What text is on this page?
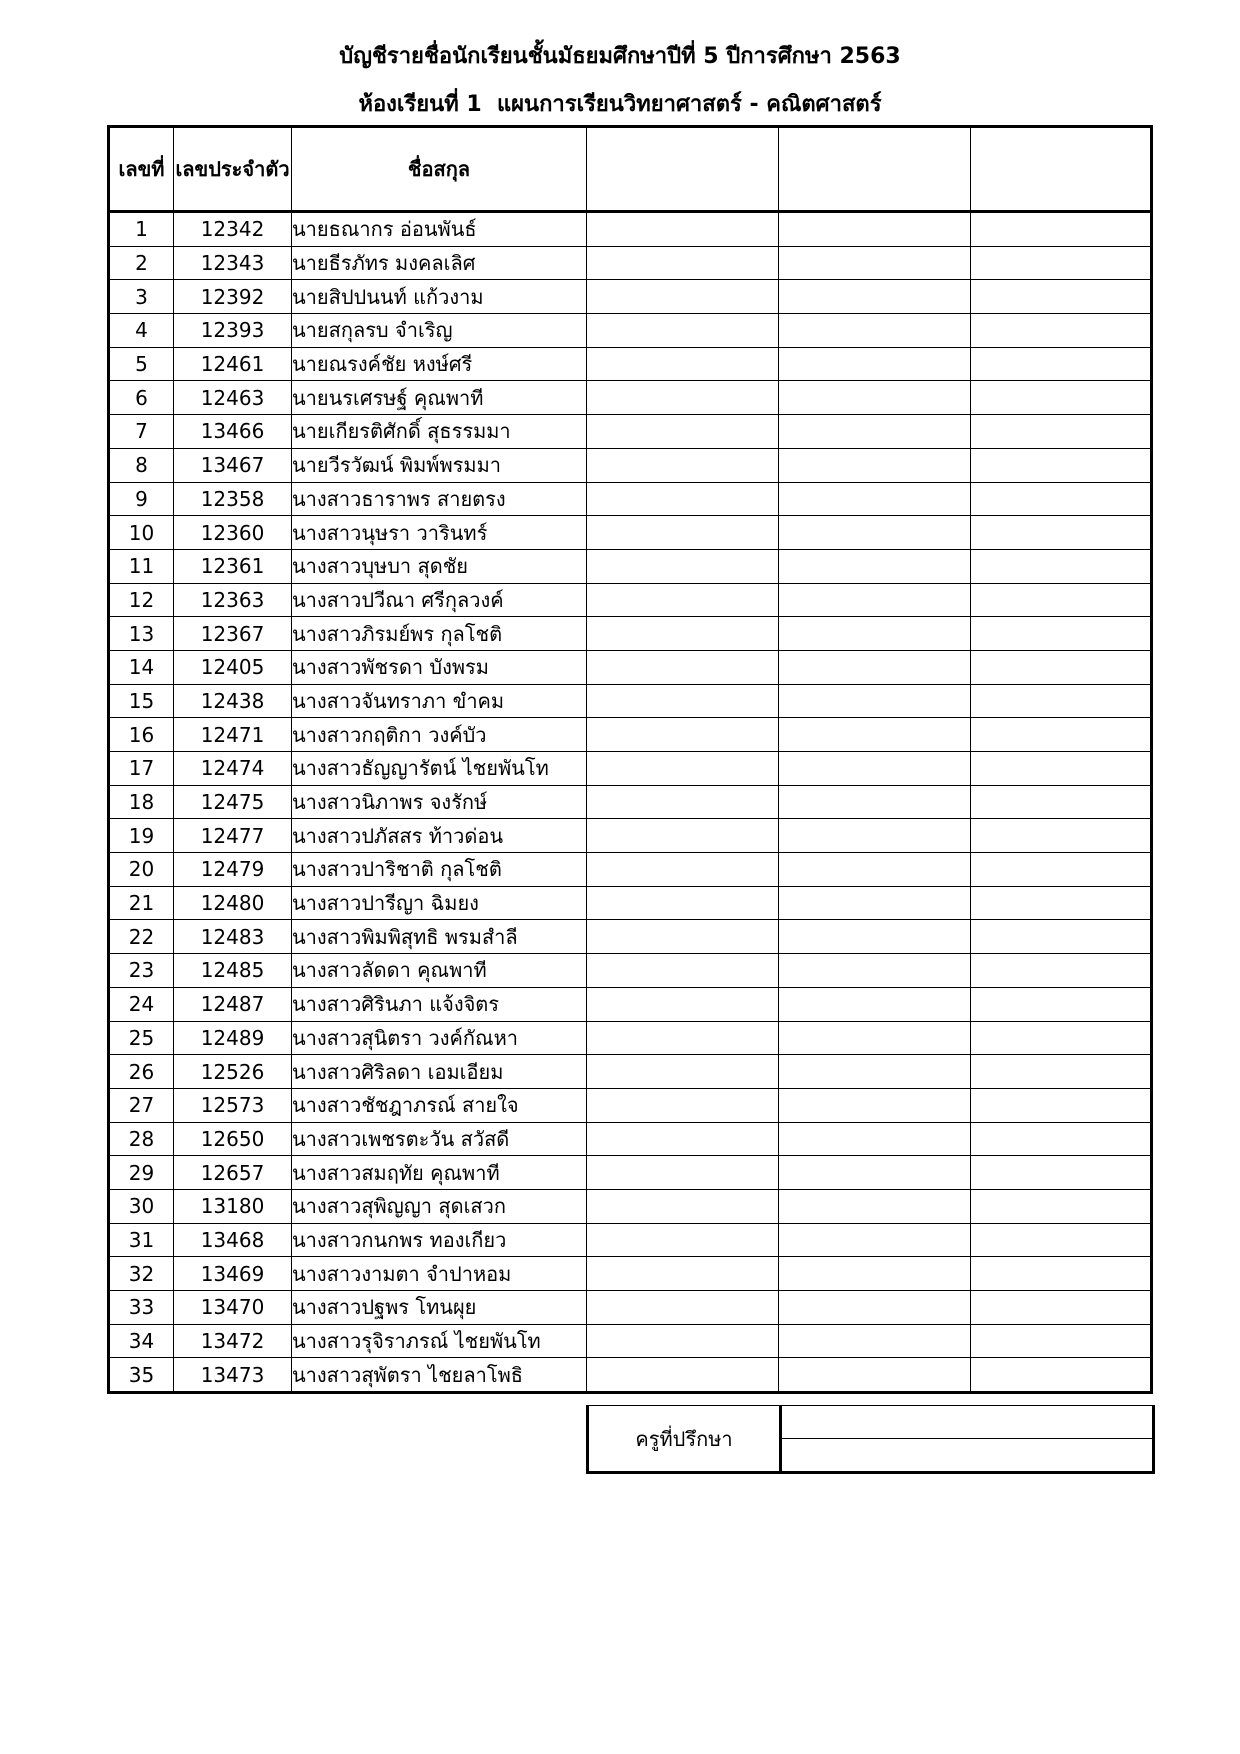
บัญชีรายชื่อนักเรียนชั้นมัธยมศึกษาปีที่ 5 ปีการศึกษา 2563
ห้องเรียนที่ 1  แผนการเรียนวิทยาศาสตร์ - คณิตศาสตร์
เลขที่	เลขประจำตัว	ชื่อสกุล			
1	12342	นายธณากร อ่อนพันธ์			
2	12343	นายธีรภัทร มงคลเลิศ			
3	12392	นายสิปปนนท์ แก้วงาม			
4	12393	นายสกุลรบ จำเริญ			
5	12461	นายณรงค์ชัย หงษ์ศรี			
6	12463	นายนรเศรษฐ์ คุณพาที			
7	13466	นายเกียรติศักดิ์ สุธรรมมา			
8	13467	นายวีรวัฒน์ พิมพ์พรมมา			
9	12358	นางสาวธาราพร สายตรง			
10	12360	นางสาวนุษรา วารินทร์			
11	12361	นางสาวบุษบา สุดชัย			
12	12363	นางสาวปวีณา ศรีกุลวงค์			
13	12367	นางสาวภิรมย์พร กุลโชติ			
14	12405	นางสาวพัชรดา บังพรม			
15	12438	นางสาวจันทราภา ขำคม			
16	12471	นางสาวกฤติกา วงค์บัว			
17	12474	นางสาวธัญญารัตน์ ไชยพันโท			
18	12475	นางสาวนิภาพร จงรักษ์			
19	12477	นางสาวปภัสสร ท้าวด่อน			
20	12479	นางสาวปาริชาติ กุลโชติ			
21	12480	นางสาวปารีญา ฉิมยง			
22	12483	นางสาวพิมพิสุทธิ พรมสำลี			
23	12485	นางสาวลัดดา คุณพาที			
24	12487	นางสาวศิรินภา แจ้งจิตร			
25	12489	นางสาวสุนิตรา วงค์กัณหา			
26	12526	นางสาวศิริลดา เอมเอียม			
27	12573	นางสาวชัชฎาภรณ์ สายใจ			
28	12650	นางสาวเพชรตะวัน สวัสดี			
29	12657	นางสาวสมฤทัย คุณพาที			
30	13180	นางสาวสุพิญญา สุดเสวก			
31	13468	นางสาวกนกพร ทองเกียว			
32	13469	นางสาวงามตา จำปาหอม			
33	13470	นางสาวปฐพร โทนผุย			
34	13472	นางสาวรุจิราภรณ์ ไชยพันโท			
35	13473	นางสาวสุพัตรา ไชยลาโพธิ			
ครูที่ปรึกษา	
